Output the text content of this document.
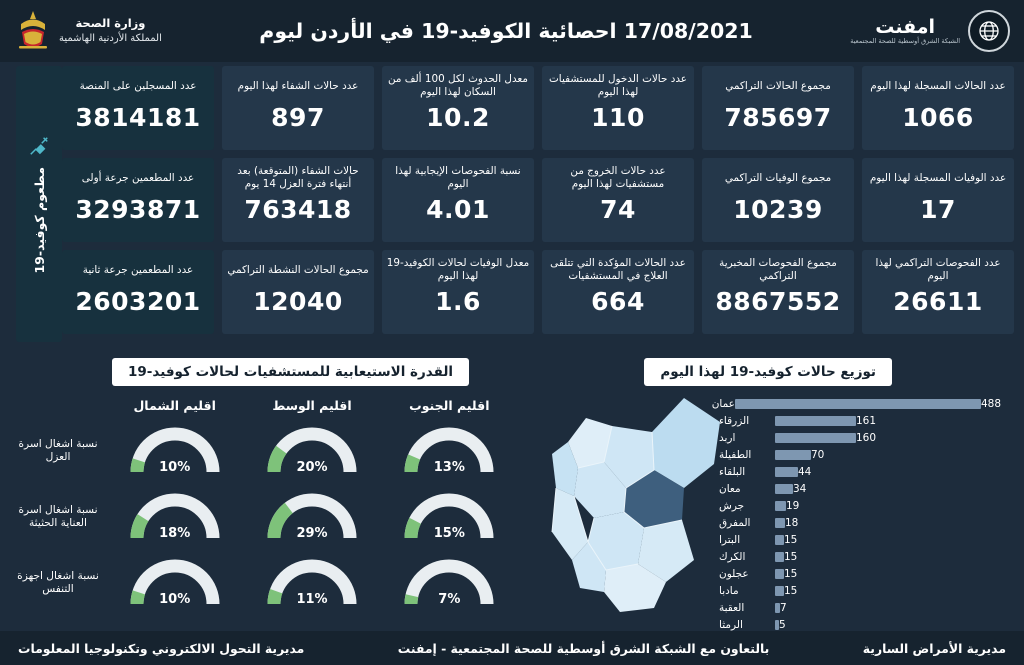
امفنت
الشبكة الشرق أوسطية للصحة المجتمعية
17/08/2021 احصائية الكوفيد-19 في الأردن ليوم
وزارة الصحة
المملكة الأردنية الهاشمية
عدد الحالات المسجلة لهذا اليوم
1066
مجموع الحالات التراكمي
785697
عدد حالات الدخول للمستشفيات لهذا اليوم
110
معدل الحدوث لكل 100 ألف من السكان لهذا اليوم
10.2
عدد حالات الشفاء لهذا اليوم
897
عدد المسجلين على المنصة
3814181
عدد الوفيات المسجلة لهذا اليوم
17
مجموع الوفيات التراكمي
10239
عدد حالات الخروج من مستشفيات لهذا اليوم
74
نسبة الفحوصات الإيجابية لهذا اليوم
4.01
حالات الشفاء (المتوقعة) بعد أنتهاء فترة العزل 14 يوم
763418
عدد المطعمين جرعة أولى
3293871
عدد الفحوصات التراكمي لهذا اليوم
26611
مجموع الفحوصات المخبرية التراكمي
8867552
عدد الحالات المؤكدة التي تتلقى العلاج في المستشفيات
664
معدل الوفيات لحالات الكوفيد-19 لهذا اليوم
1.6
مجموع الحالات النشطة التراكمي
12040
عدد المطعمين جرعة ثانية
2603201
مطعوم كوفيد-19
توزيع حالات كوفيد-19 لهذا اليوم
القدرة الاستيعابية للمستشفيات لحالات كوفيد-19
488
عمان
161
الزرقاء
160
اربد
70
الطفيلة
44
البلقاء
34
معان
19
جرش
18
المفرق
15
البترا
15
الكرك
15
عجلون
15
مادبا
7
العقبة
5
الرمثا
اقليم الشمال	اقليم الوسط	اقليم الجنوب
نسبة اشغال اسرة العزل
10%	20%	13%
نسبة اشغال اسرة العناية الحثيثة
18%	29%	15%
نسبة اشغال اجهزة التنفس
10%	11%	7%
مديرية الأمراض السارية
بالتعاون مع الشبكة الشرق أوسطية للصحة المجتمعية - إمفنت
مديرية التحول الالكتروني وتكنولوجيا المعلومات
